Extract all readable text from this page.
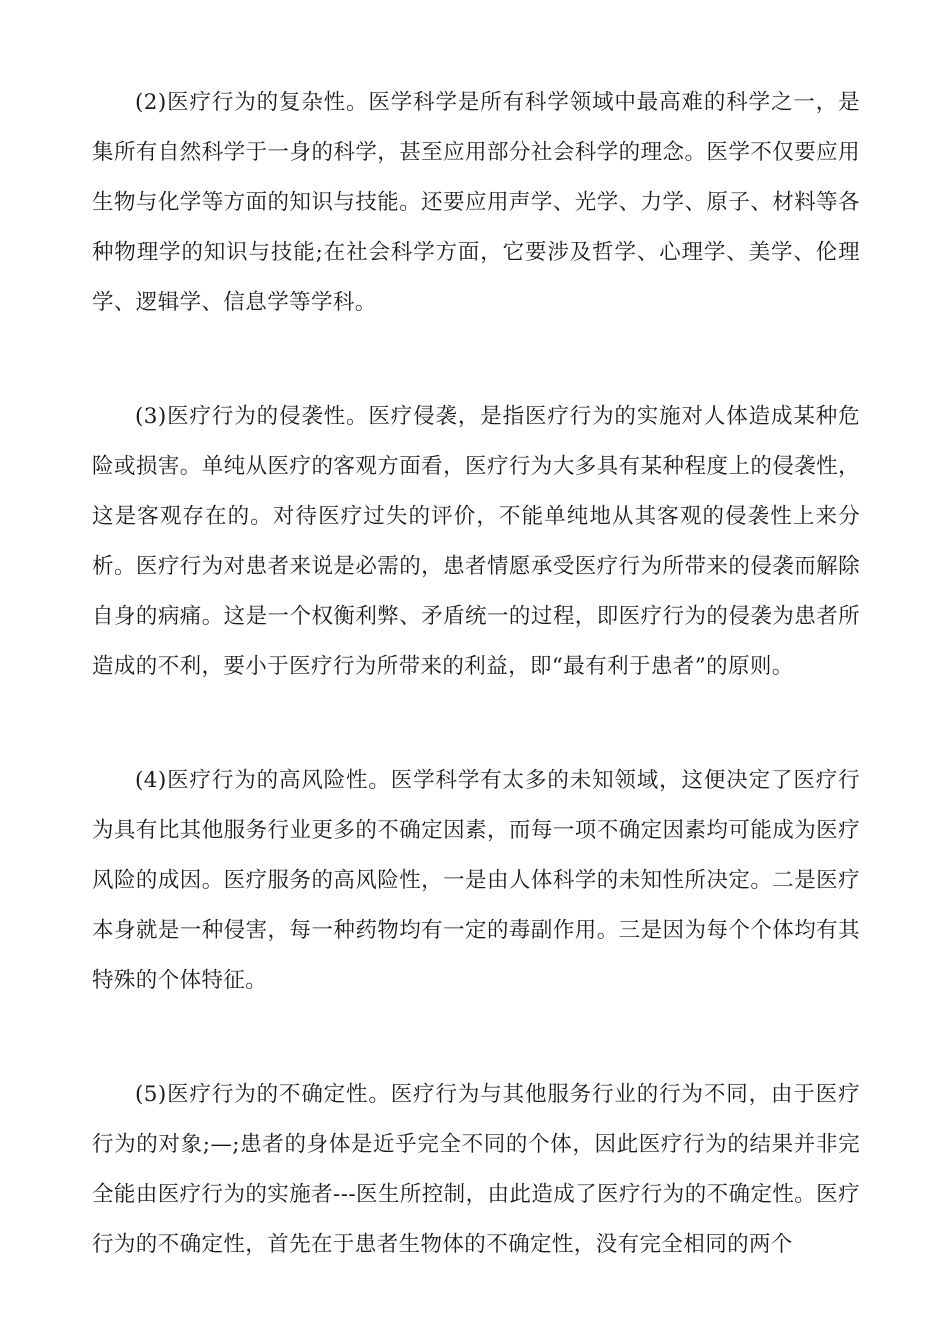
(2)医疗行为的复杂性。医学科学是所有科学领域中最高难的科学之一，是集所有自然科学于一身的科学，甚至应用部分社会科学的理念。医学不仅要应用生物与化学等方面的知识与技能。还要应用声学、光学、力学、原子、材料等各种物理学的知识与技能;在社会科学方面，它要涉及哲学、心理学、美学、伦理学、逻辑学、信息学等学科。

(3)医疗行为的侵袭性。医疗侵袭，是指医疗行为的实施对人体造成某种危险或损害。单纯从医疗的客观方面看，医疗行为大多具有某种程度上的侵袭性，这是客观存在的。对待医疗过失的评价，不能单纯地从其客观的侵袭性上来分析。医疗行为对患者来说是必需的，患者情愿承受医疗行为所带来的侵袭而解除自身的病痛。这是一个权衡利弊、矛盾统一的过程，即医疗行为的侵袭为患者所造成的不利，要小于医疗行为所带来的利益，即“最有利于患者”的原则。

(4)医疗行为的高风险性。医学科学有太多的未知领域，这便决定了医疗行为具有比其他服务行业更多的不确定因素，而每一项不确定因素均可能成为医疗风险的成因。医疗服务的高风险性，一是由人体科学的未知性所决定。二是医疗本身就是一种侵害，每一种药物均有一定的毒副作用。三是因为每个个体均有其特殊的个体特征。

(5)医疗行为的不确定性。医疗行为与其他服务行业的行为不同，由于医疗行为的对象;—;患者的身体是近乎完全不同的个体，因此医疗行为的结果并非完全能由医疗行为的实施者---医生所控制，由此造成了医疗行为的不确定性。医疗行为的不确定性，首先在于患者生物体的不确定性，没有完全相同的两个
